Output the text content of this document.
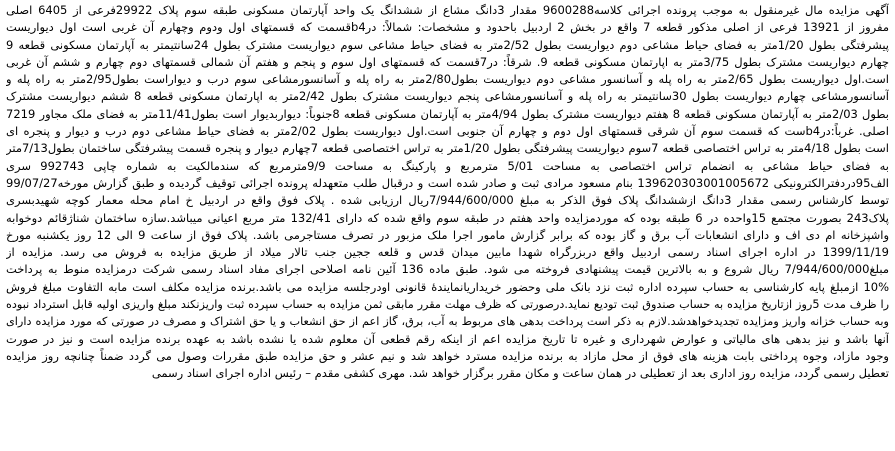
آگهی مزایده مال غیرمنقول به موجب پرونده اجرائی کلاسه9600288 مقدار 3دانگ مشاع از ششدانگ یک واحد آپارتمان مسکونی طبقه سوم پلاک 29922فرعی از 6405 اصلی
مفروز از 13921 فرعی از اصلی مذکور قطعه 7 واقع در بخش 2 اردبیل باحدود و مشخصات: شمالاً: درb4قسمت که قسمتهای اول ودوم وچهارم آن غربی است اول دیواریست
پیشرفتگی بطول 1/20متر به فضای حیاط مشاعی دوم دیواریست بطول 2/52متر به فضای حیاط مشاعی سوم دیواریست مشترک بطول 24سانتیمتر به آپارتمان مسکونی قطعه 9
چهارم دیواریست مشترک بطول 3/75متر به اپارتمان مسکونی قطعه 9. شرقاً: در7قسمت که قسمتهای اول سوم و پنجم و هفتم آن شمالی قسمتهای دوم چهارم و ششم آن غربی
است.اول دیواریست بطول 2/65متر به راه پله و آسانسور مشاعی دوم دیواریست بطول2/80متر به راه پله و آسانسورمشاعی سوم درب و دیواراست بطول2/95متر به راه پله و
آسانسورمشاعی چهارم دیواریست بطول 30سانتیمتر به راه پله و آسانسورمشاعی پنجم دیواریست مشترک بطول 2/42متر به اپارتمان مسکونی قطعه 8 ششم دیواریست مشترک
بطول 2/03متر به آپارتمان مسکونی قطعه 8 هفتم دیواریست مشترک بطول 4/94متر به آپارتمان مسکونی قطعه 8جنوباً: دیواربدیوار است بطول11/41متر به فضای ملک مجاور 7219
اصلی. غرباً:درb4ست که قسمت سوم آن شرقی قسمتهای اول دوم و چهارم آن جنوبی است.اول دیواریست بطول 2/02متر به فضای حیاط مشاعی دوم درب و دیوار و پنجره ای
است بطول 4/18متر به تراس اختصاصی قطعه 7سوم دیواریست پیشرفتگی بطول 1/20متر به تراس اختصاصی قطعه 7چهارم دیوار و پنجره قسمت پیشرفتگی ساختمان بطول7/13متر
به فضای حیاط مشاعی به انضمام تراس اختصاصی به مساحت 5/01 مترمربع و پارکینگ به مساحت 9/9مترمربع که سندمالکیت به شماره چاپی 992743 سری
الف95دردفترالکترونیکی 139620303001005672 بنام مسعود مرادی ثبت و صادر شده است و درقبال طلب متعهدله پرونده اجرائی توقیف گردیده و طبق گزارش مورخه99/07/27
توسط کارشناس رسمی مقدار 3دانگ ازششدانگ پلاک فوق الذکر به مبلغ 7/944/600/000ریال ارزیابی شده . پلاک فوق واقع در اردبیل خ امام محله معمار کوچه شهیدبسری
پلاک243 بصورت مجتمع 15واحده در 6 طبقه بوده که موردمزایده واحد هفتم در طبقه سوم واقع شده که دارای 132/41 متر مربع اعیانی میباشد.سازه ساختمان شناژقائم دوخوابه
واشپزخانه ام دی اف و دارای انشعابات آب برق و گاز بوده که برابر گزارش مامور اجرا ملک مزبور در تصرف مستاجرمی باشد. پلاک فوق از ساعت 9 الی 12 روز یکشنبه مورخ
1399/11/19 در اداره اجرای اسناد رسمی اردبیل واقع دربزرگراه شهدا مابین میدان قدس و قلعه ججین جنب تالار میلاد از طریق مزایده به فروش می رسد. مزایده از
مبلغ7/944/600/000 ریال شروع و به بالاترین قیمت پیشنهادی فروخته می شود. طبق ماده 136 آئین نامه اصلاحی اجرای مفاد اسناد رسمی شرکت درمزایده منوط به پرداخت
10% ازمبلغ پایه کارشناسی به حساب سپرده اداره ثبت نزد بانک ملی وحضور خریداریانمایندۀ قانونی اودرجلسه مزایده می باشد.برنده مزایده مکلف است مابه التفاوت مبلغ فروش
را ظرف مدت 5روز ازتاریخ مزایده به حساب صندوق ثبت تودیع نماید.درصورتی که ظرف مهلت مقرر مابقی ثمن مزایده به حساب سپرده ثبت واریزنکند مبلغ واریزی اولیه قابل استرداد نبوده
وبه حساب خزانه واریز ومزایده تجدیدخواهدشد.لازم به ذکر است پرداخت بدهی های مربوط به آب، برق، گاز اعم از حق انشعاب و یا حق اشتراک و مصرف در صورتی که مورد مزایده دارای
آنها باشد و نیز بدهی های مالیاتی و عوارض شهرداری و غیره تا تاریخ مزایده اعم از اینکه رقم قطعی آن معلوم شده یا نشده باشد به عهده برنده مزایده است و نیز در صورت
وجود مازاد، وجوه پرداختی بابت هزینه های فوق از محل مازاد به برنده مزایده مسترد خواهد شد و نیم عشر و حق مزایده طبق مقررات وصول می گردد ضمناً چنانچه روز مزایده
تعطیل رسمی گردد، مزایده روز اداری بعد از تعطیلی در همان ساعت و مکان مقرر برگزار خواهد شد. مهری کشفی مقدم – رئیس اداره اجرای اسناد رسمی
